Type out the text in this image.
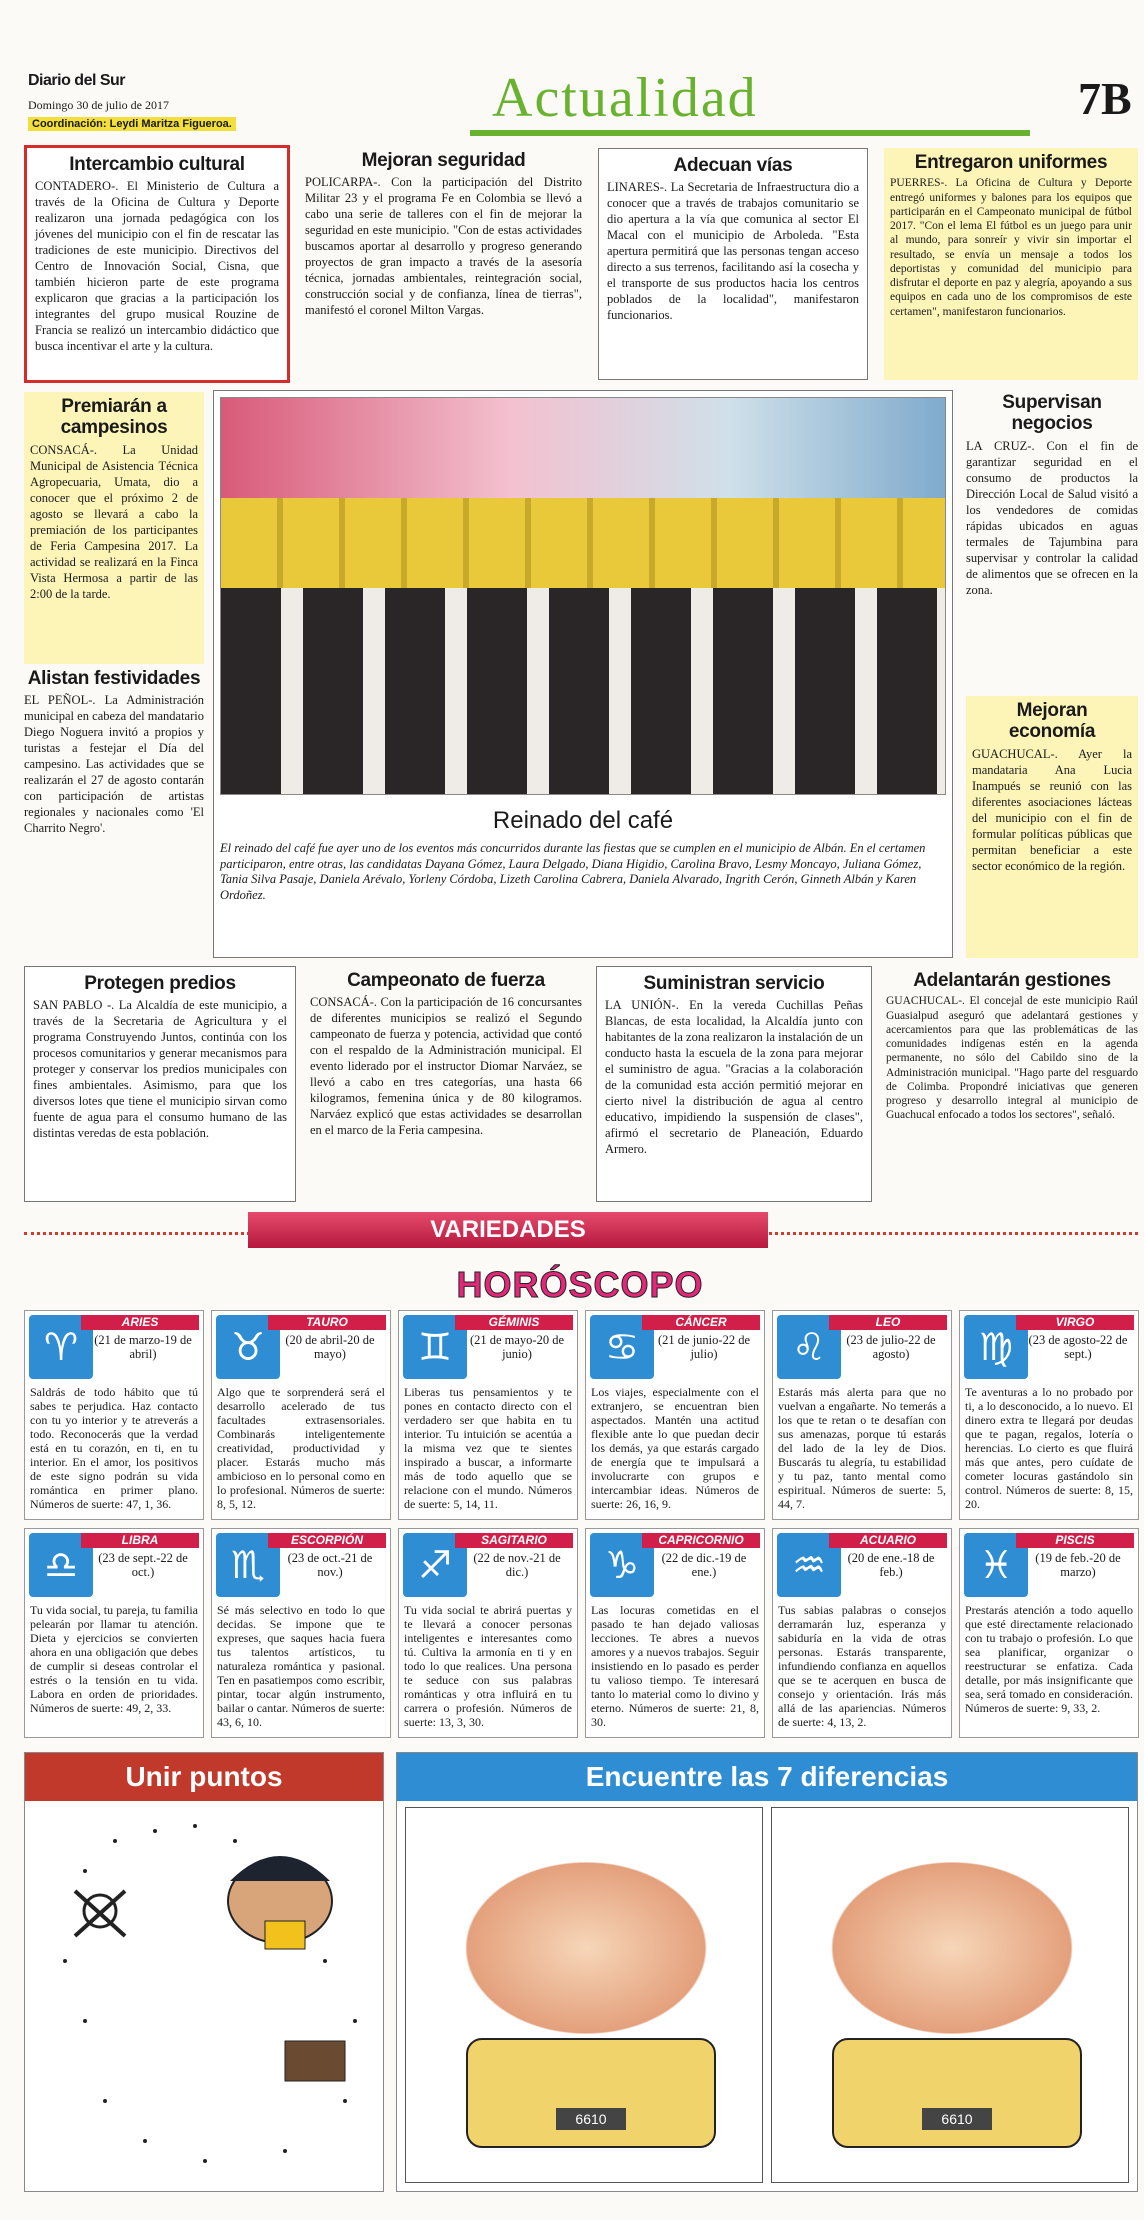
Diario del Sur
Domingo 30 de julio de 2017
Coordinación: Leydi Maritza Figueroa.	Actualidad	7B
Intercambio cultural

CONTADERO-. El Ministerio de Cultura a través de la Oficina de Cultura y Deporte realizaron una jornada pedagógica con los jóvenes del municipio con el fin de rescatar las tradiciones de este municipio. Directivos del Centro de Innovación Social, Cisna, que también hicieron parte de este programa explicaron que gracias a la participación los integrantes del grupo musical Rouzine de Francia se realizó un intercambio didáctico que busca incentivar el arte y la cultura.

Mejoran seguridad

POLICARPA-. Con la participación del Distrito Militar 23 y el programa Fe en Colombia se llevó a cabo una serie de talleres con el fin de mejorar la seguridad en este municipio. "Con de estas actividades buscamos aportar al desarrollo y progreso generando proyectos de gran impacto a través de la asesoría técnica, jornadas ambientales, reintegración social, construcción social y de confianza, línea de tierras", manifestó el coronel Milton Vargas.

Adecuan vías

LINARES-. La Secretaria de Infraestructura dio a conocer que a través de trabajos comunitario se dio apertura a la vía que comunica al sector El Macal con el municipio de Arboleda. "Esta apertura permitirá que las personas tengan acceso directo a sus terrenos, facilitando así la cosecha y el transporte de sus productos hacia los centros poblados de la localidad", manifestaron funcionarios.

Entregaron uniformes

PUERRES-. La Oficina de Cultura y Deporte entregó uniformes y balones para los equipos que participarán en el Campeonato municipal de fútbol 2017. "Con el lema El fútbol es un juego para unir al mundo, para sonreír y vivir sin importar el resultado, se envía un mensaje a todos los deportistas y comunidad del municipio para disfrutar el deporte en paz y alegría, apoyando a sus equipos en cada uno de los compromisos de este certamen", manifestaron funcionarios.

Premiarán a campesinos

CONSACÁ-. La Unidad Municipal de Asistencia Técnica Agropecuaria, Umata, dio a conocer que el próximo 2 de agosto se llevará a cabo la premiación de los participantes de Feria Campesina 2017. La actividad se realizará en la Finca Vista Hermosa a partir de las 2:00 de la tarde.

Alistan festividades

EL PEÑOL-. La Administración municipal en cabeza del mandatario Diego Noguera invitó a propios y turistas a festejar el Día del campesino. Las actividades que se realizarán el 27 de agosto contarán con participación de artistas regionales y nacionales como 'El Charrito Negro'.	Reinado del café

El reinado del café fue ayer uno de los eventos más concurridos durante las fiestas que se cumplen en el municipio de Albán. En el certamen participaron, entre otras, las candidatas Dayana Gómez, Laura Delgado, Diana Higidio, Carolina Bravo, Lesmy Moncayo, Juliana Gómez, Tania Silva Pasaje, Daniela Arévalo, Yorleny Córdoba, Lizeth Carolina Cabrera, Daniela Alvarado, Ingrith Cerón, Ginneth Albán y Karen Ordoñez.

Supervisan negocios

LA CRUZ-. Con el fin de garantizar seguridad en el consumo de productos la Dirección Local de Salud visitó a los vendedores de comidas rápidas ubicados en aguas termales de Tajumbina para supervisar y controlar la calidad de alimentos que se ofrecen en la zona.

Mejoran economía

GUACHUCAL-. Ayer la mandataria Ana Lucia Inampués se reunió con las diferentes asociaciones lácteas del municipio con el fin de formular políticas públicas que permitan beneficiar a este sector económico de la región.

Protegen predios

SAN PABLO -. La Alcaldía de este municipio, a través de la Secretaria de Agricultura y el programa Construyendo Juntos, continúa con los procesos comunitarios y generar mecanismos para proteger y conservar los predios municipales con fines ambientales. Asimismo, para que los diversos lotes que tiene el municipio sirvan como fuente de agua para el consumo humano de las distintas veredas de esta población.

Campeonato de fuerza

CONSACÁ-. Con la participación de 16 concursantes de diferentes municipios se realizó el Segundo campeonato de fuerza y potencia, actividad que contó con el respaldo de la Administración municipal. El evento liderado por el instructor Diomar Narváez, se llevó a cabo en tres categorías, una hasta 66 kilogramos, femenina única y de 80 kilogramos. Narváez explicó que estas actividades se desarrollan en el marco de la Feria campesina.

Suministran servicio

LA UNIÓN-. En la vereda Cuchillas Peñas Blancas, de esta localidad, la Alcaldía junto con habitantes de la zona realizaron la instalación de un conducto hasta la escuela de la zona para mejorar el suministro de agua. "Gracias a la colaboración de la comunidad esta acción permitió mejorar en cierto nivel la distribución de agua al centro educativo, impidiendo la suspensión de clases", afirmó el secretario de Planeación, Eduardo Armero.

Adelantarán gestiones

GUACHUCAL-. El concejal de este municipio Raúl Guasialpud aseguró que adelantará gestiones y acercamientos para que las problemáticas de las comunidades indígenas estén en la agenda permanente, no sólo del Cabildo sino de la Administración municipal. "Hago parte del resguardo de Colimba. Propondré iniciativas que generen progreso y desarrollo integral al municipio de Guachucal enfocado a todos los sectores", señaló.

VARIEDADES
HORÓSCOPO
♈
ARIES
(21 de marzo-19 de abril)
Saldrás de todo hábito que tú sabes te perjudica. Haz contacto con tu yo interior y te atreverás a todo. Reconocerás que la verdad está en tu corazón, en ti, en tu interior. En el amor, los positivos de este signo podrán su vida romántica en primer plano. Números de suerte: 47, 1, 36.
♉
TAURO
(20 de abril-20 de mayo)
Algo que te sorprenderá será el desarrollo acelerado de tus facultades extrasensoriales. Combinarás inteligentemente creatividad, productividad y placer. Estarás mucho más ambicioso en lo personal como en lo profesional. Números de suerte: 8, 5, 12.
♊
GÉMINIS
(21 de mayo-20 de junio)
Liberas tus pensamientos y te pones en contacto directo con el verdadero ser que habita en tu interior. Tu intuición se acentúa a la misma vez que te sientes inspirado a buscar, a informarte más de todo aquello que se relacione con el mundo. Números de suerte: 5, 14, 11.
♋
CÁNCER
(21 de junio-22 de julio)
Los viajes, especialmente con el extranjero, se encuentran bien aspectados. Mantén una actitud flexible ante lo que puedan decir los demás, ya que estarás cargado de energía que te impulsará a involucrarte con grupos e intercambiar ideas. Números de suerte: 26, 16, 9.
♌
LEO
(23 de julio-22 de agosto)
Estarás más alerta para que no vuelvan a engañarte. No temerás a los que te retan o te desafían con sus amenazas, porque tú estarás del lado de la ley de Dios. Buscarás tu alegría, tu estabilidad y tu paz, tanto mental como espiritual. Números de suerte: 5, 44, 7.
♍
VIRGO
(23 de agosto-22 de sept.)
Te aventuras a lo no probado por ti, a lo desconocido, a lo nuevo. El dinero extra te llegará por deudas que te pagan, regalos, lotería o herencias. Lo cierto es que fluirá más que antes, pero cuídate de cometer locuras gastándolo sin control. Números de suerte: 8, 15, 20.
♎
LIBRA
(23 de sept.-22 de oct.)
Tu vida social, tu pareja, tu familia pelearán por llamar tu atención. Dieta y ejercicios se convierten ahora en una obligación que debes de cumplir si deseas controlar el estrés o la tensión en tu vida. Labora en orden de prioridades. Números de suerte: 49, 2, 33.
♏
ESCORPIÓN
(23 de oct.-21 de nov.)
Sé más selectivo en todo lo que decidas. Se impone que te expreses, que saques hacia fuera tus talentos artísticos, tu naturaleza romántica y pasional. Ten en pasatiempos como escribir, pintar, tocar algún instrumento, bailar o cantar. Números de suerte: 43, 6, 10.
♐
SAGITARIO
(22 de nov.-21 de dic.)
Tu vida social te abrirá puertas y te llevará a conocer personas inteligentes e interesantes como tú. Cultiva la armonía en ti y en todo lo que realices. Una persona te seduce con sus palabras románticas y otra influirá en tu carrera o profesión. Números de suerte: 13, 3, 30.
♑
CAPRICORNIO
(22 de dic.-19 de ene.)
Las locuras cometidas en el pasado te han dejado valiosas lecciones. Te abres a nuevos amores y a nuevos trabajos. Seguir insistiendo en lo pasado es perder tu valioso tiempo. Te interesará tanto lo material como lo divino y eterno. Números de suerte: 21, 8, 30.
♒
ACUARIO
(20 de ene.-18 de feb.)
Tus sabias palabras o consejos derramarán luz, esperanza y sabiduría en la vida de otras personas. Estarás transparente, infundiendo confianza en aquellos que se te acerquen en busca de consejo y orientación. Irás más allá de las apariencias. Números de suerte: 4, 13, 2.
♓
PISCIS
(19 de feb.-20 de marzo)
Prestarás atención a todo aquello que esté directamente relacionado con tu trabajo o profesión. Lo que sea planificar, organizar o reestructurar se enfatiza. Cada detalle, por más insignificante que sea, será tomado en consideración. Números de suerte: 9, 33, 2.
Unir puntos	Encuentre las 7 diferencias
6610	6610
